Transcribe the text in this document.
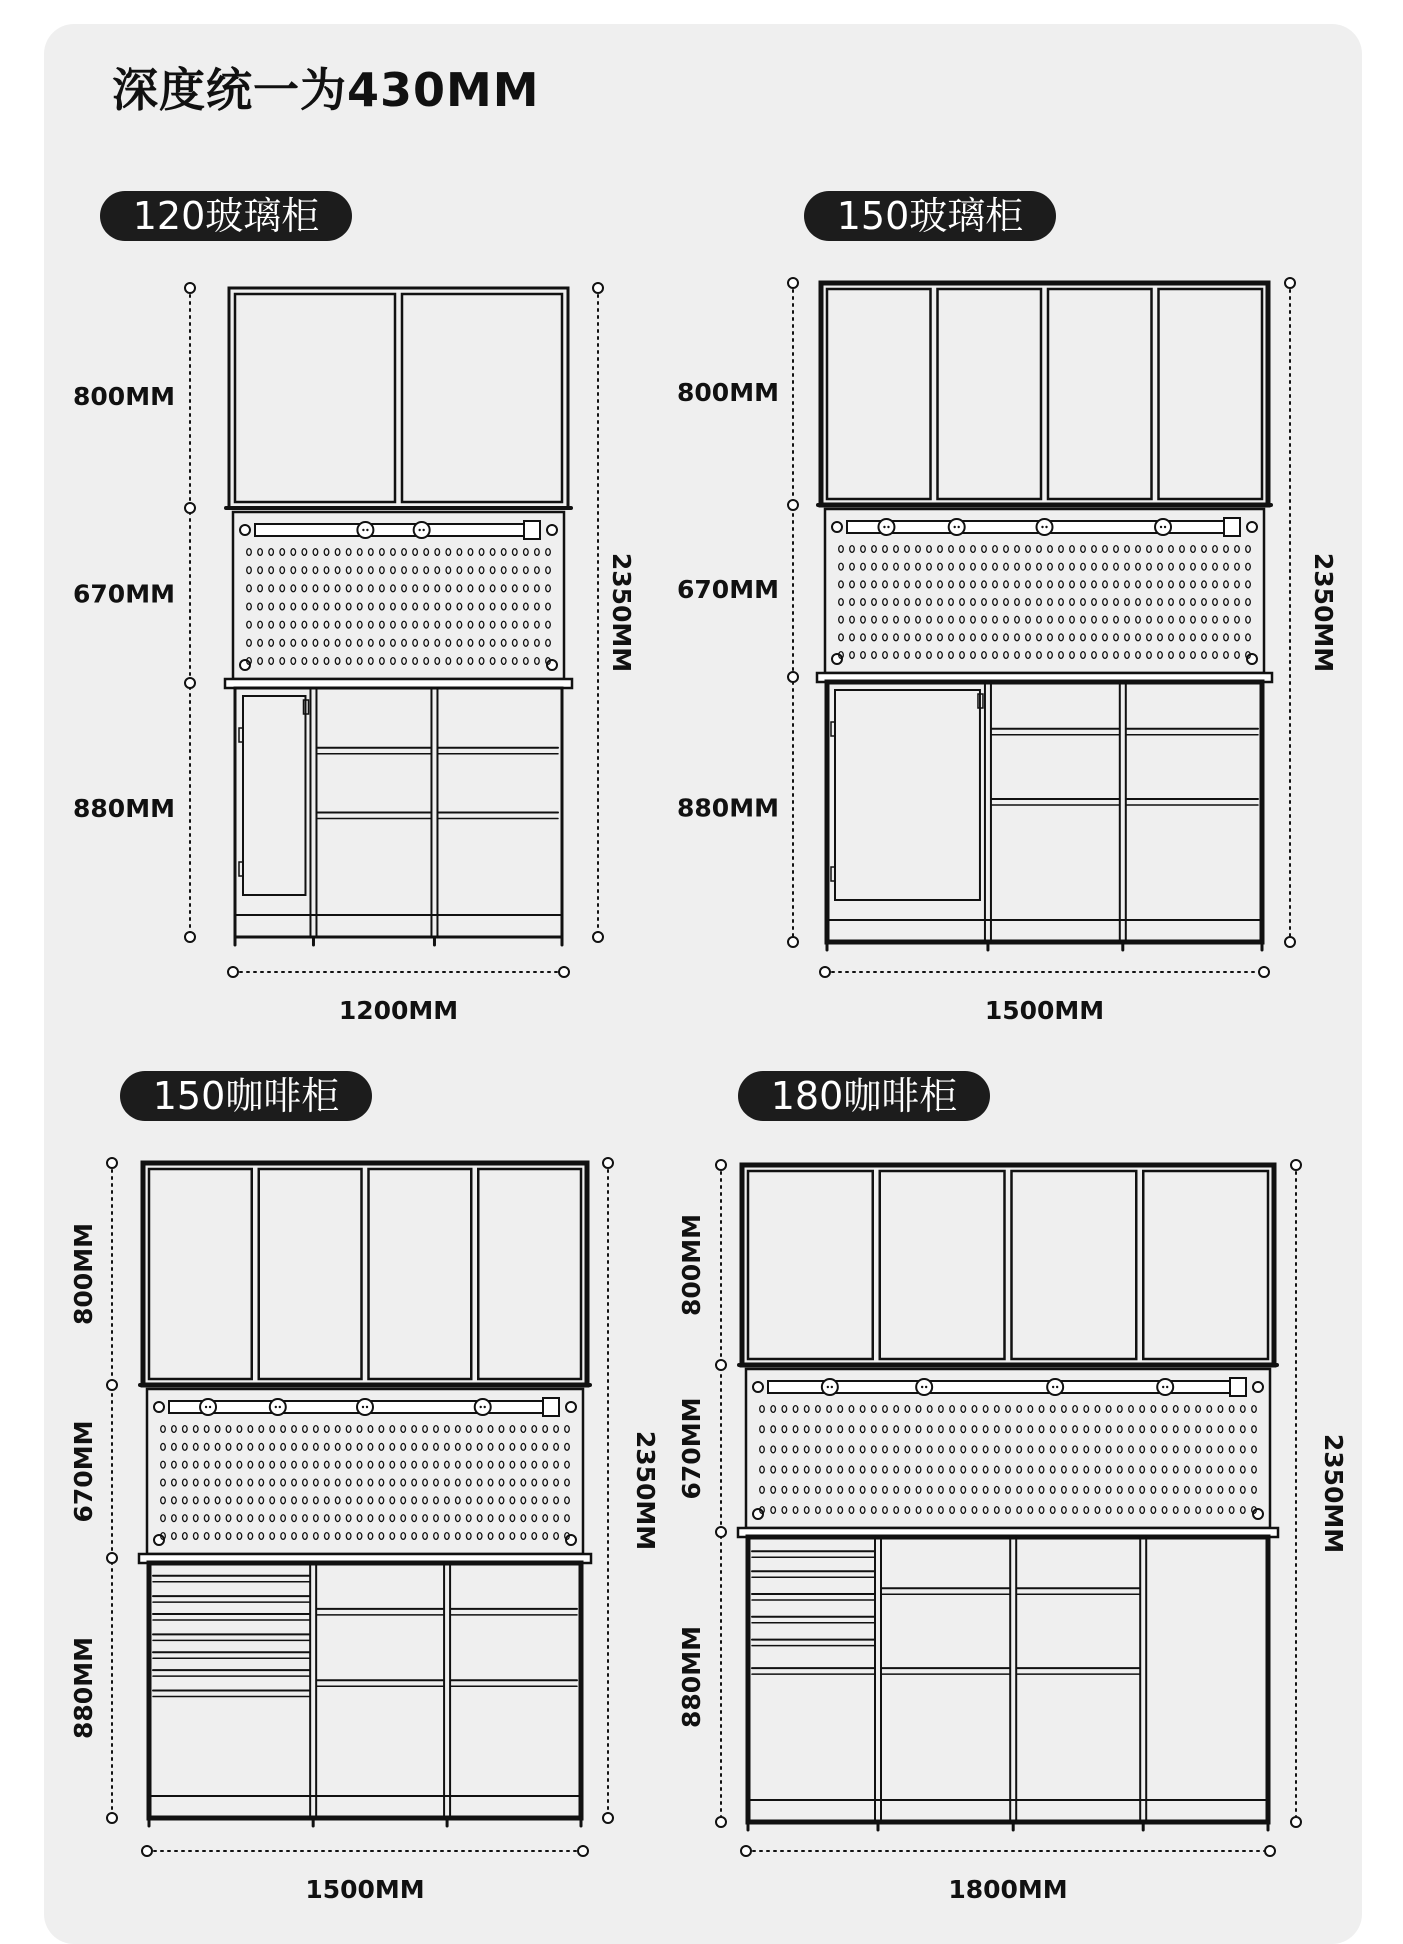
深度统一为430MM
120玻璃柜	150玻璃柜
150咖啡柜	180咖啡柜
800MM
670MM
880MM
2350MM
1200MM
800MM
670MM
880MM
2350MM
1500MM
800MM
670MM
880MM
2350MM
1500MM
800MM
670MM
880MM
2350MM
1800MM
